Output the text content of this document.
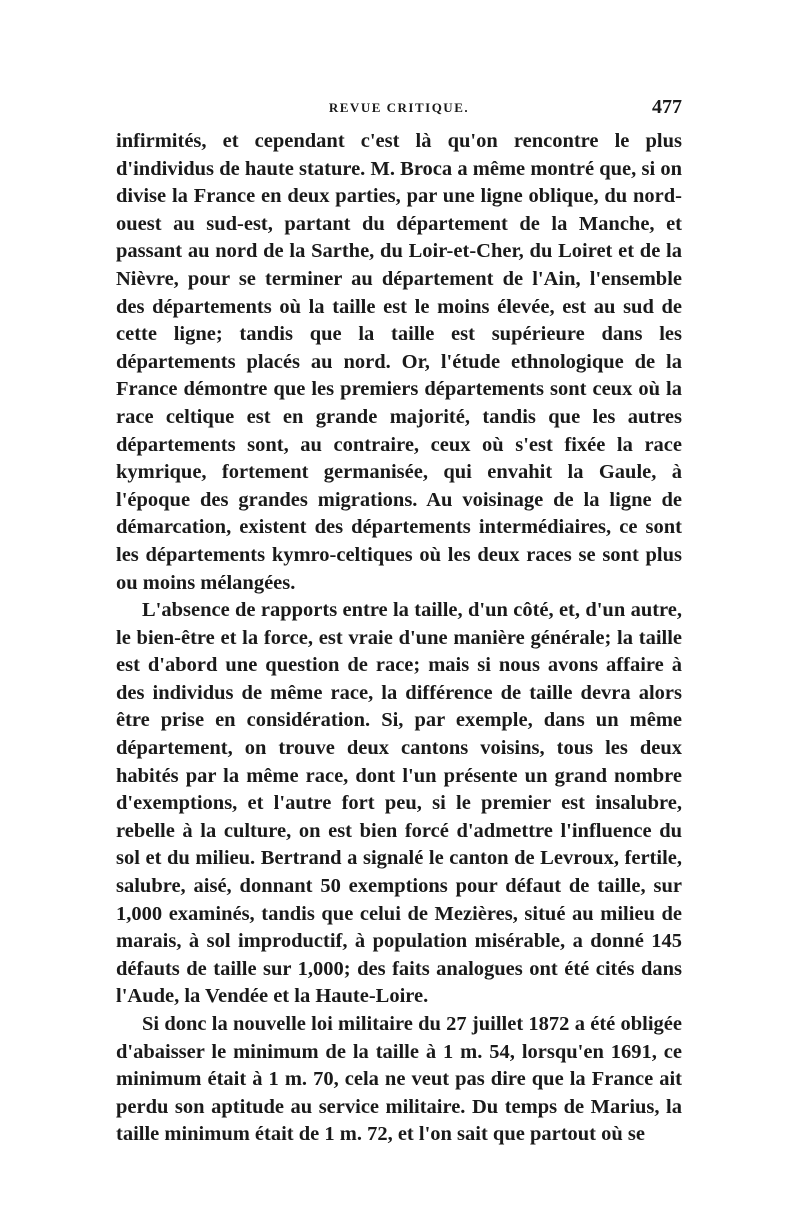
REVUE CRITIQUE.	477

infirmités, et cependant c'est là qu'on rencontre le plus d'individus de haute stature. M. Broca a même montré que, si on divise la France en deux parties, par une ligne oblique, du nord-ouest au sud-est, partant du département de la Manche, et passant au nord de la Sarthe, du Loir-et-Cher, du Loiret et de la Nièvre, pour se terminer au département de l'Ain, l'ensemble des départements où la taille est le moins élevée, est au sud de cette ligne; tandis que la taille est supérieure dans les départements placés au nord. Or, l'étude ethnologique de la France démontre que les premiers départements sont ceux où la race celtique est en grande majorité, tandis que les autres départements sont, au contraire, ceux où s'est fixée la race kymrique, fortement germanisée, qui envahit la Gaule, à l'époque des grandes migrations. Au voisinage de la ligne de démarcation, existent des départements intermédiaires, ce sont les départements kymro-celtiques où les deux races se sont plus ou moins mélangées.

L'absence de rapports entre la taille, d'un côté, et, d'un autre, le bien-être et la force, est vraie d'une manière générale; la taille est d'abord une question de race; mais si nous avons affaire à des individus de même race, la différence de taille devra alors être prise en considération. Si, par exemple, dans un même département, on trouve deux cantons voisins, tous les deux habités par la même race, dont l'un présente un grand nombre d'exemptions, et l'autre fort peu, si le premier est insalubre, rebelle à la culture, on est bien forcé d'admettre l'influence du sol et du milieu. Bertrand a signalé le canton de Levroux, fertile, salubre, aisé, donnant 50 exemptions pour défaut de taille, sur 1,000 examinés, tandis que celui de Mezières, situé au milieu de marais, à sol improductif, à population misérable, a donné 145 défauts de taille sur 1,000; des faits analogues ont été cités dans l'Aude, la Vendée et la Haute-Loire.

Si donc la nouvelle loi militaire du 27 juillet 1872 a été obligée d'abaisser le minimum de la taille à 1 m. 54, lorsqu'en 1691, ce minimum était à 1 m. 70, cela ne veut pas dire que la France ait perdu son aptitude au service militaire. Du temps de Marius, la taille minimum était de 1 m. 72, et l'on sait que partout où se
